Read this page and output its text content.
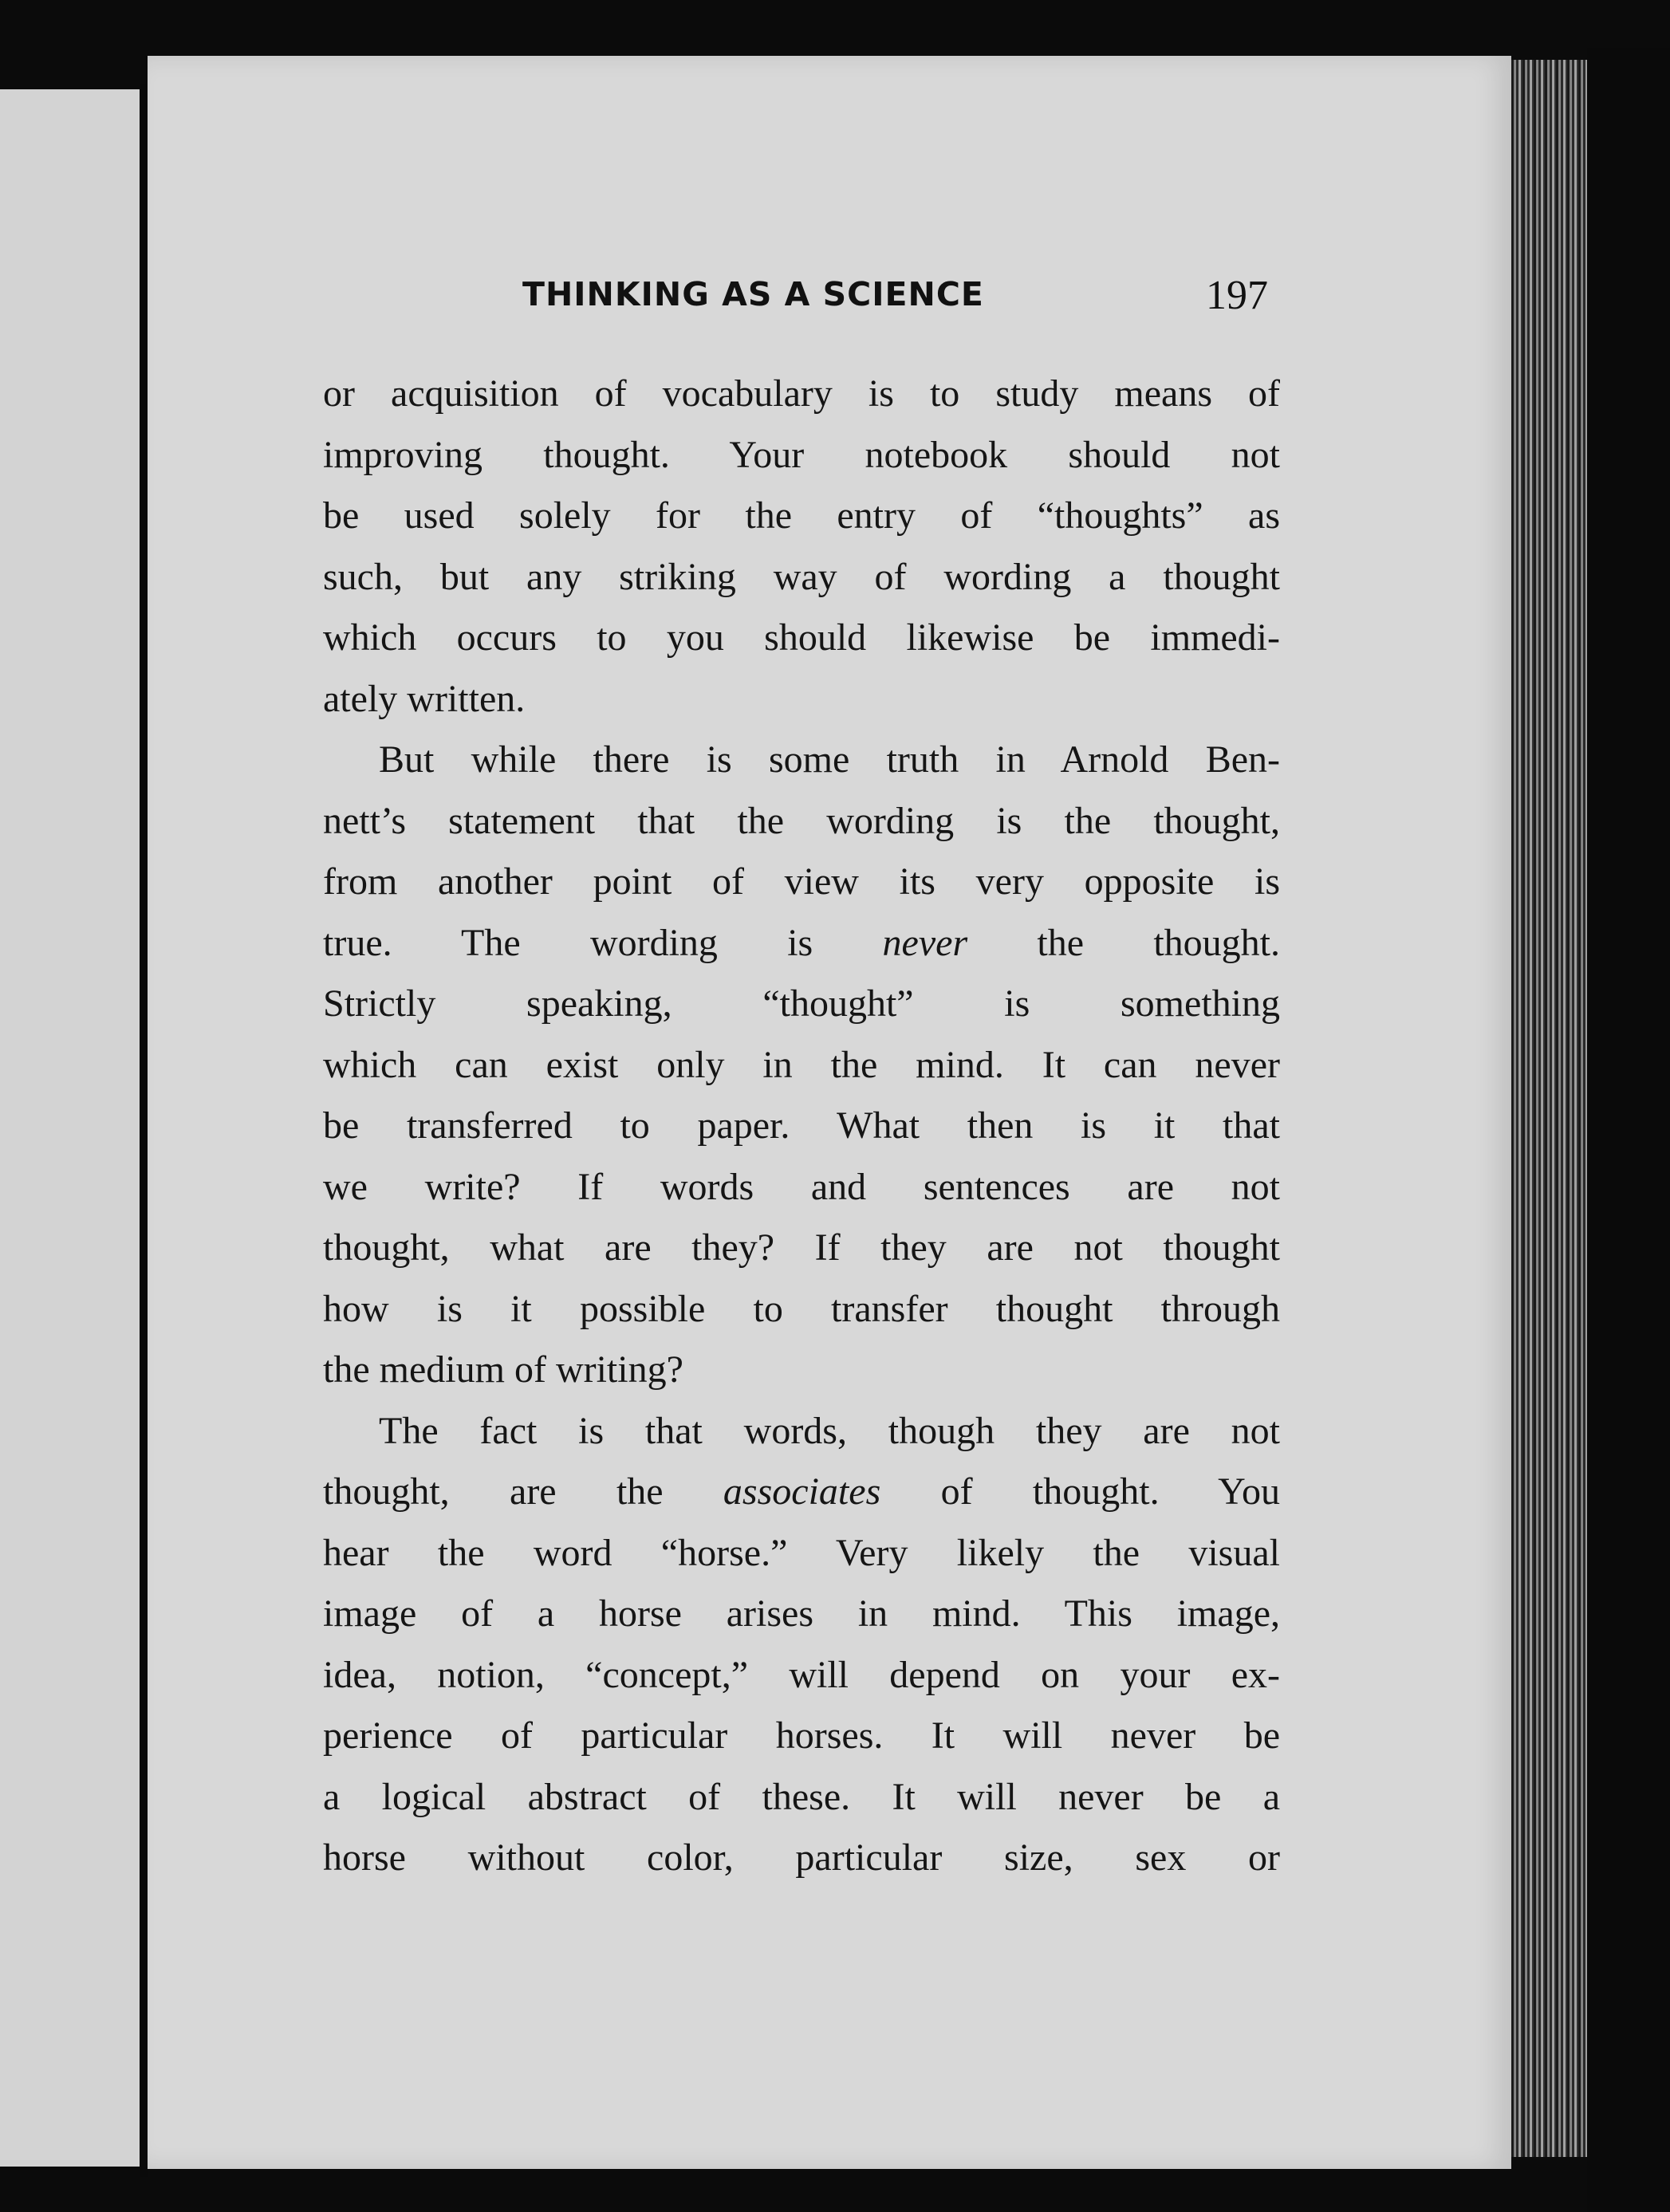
THINKING AS A SCIENCE	197
or acquisition of vocabulary is to study means of
improving thought. Your notebook should not
be used solely for the entry of “thoughts” as
such, but any striking way of wording a thought
which occurs to you should likewise be immedi-
ately written.
But while there is some truth in Arnold Ben-
nett’s statement that the wording is the thought,
from another point of view its very opposite is
true. The wording is never the thought.
Strictly speaking, “thought” is something
which can exist only in the mind. It can never
be transferred to paper. What then is it that
we write? If words and sentences are not
thought, what are they? If they are not thought
how is it possible to transfer thought through
the medium of writing?
The fact is that words, though they are not
thought, are the associates of thought. You
hear the word “horse.” Very likely the visual
image of a horse arises in mind. This image,
idea, notion, “concept,” will depend on your ex-
perience of particular horses. It will never be
a logical abstract of these. It will never be a
horse without color, particular size, sex or
